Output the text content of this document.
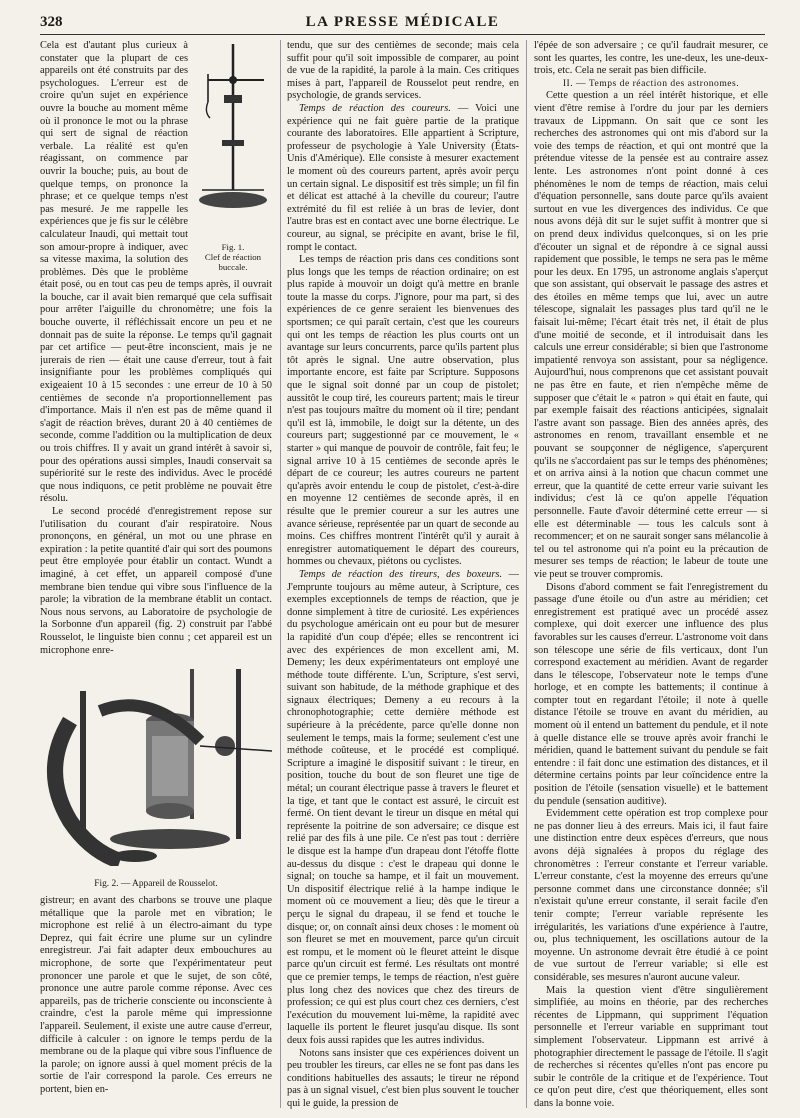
328	LA PRESSE MÉDICALE
Fig. 1.
Clef de réaction
buccale.

Cela est d'autant plus curieux à constater que la plupart de ces appareils ont été construits par des psychologues. L'erreur est de croire qu'un sujet en expérience ouvre la bouche au moment même où il prononce le mot ou la phrase qui sert de signal de réaction verbale. La réalité est qu'en réagissant, on commence par ouvrir la bouche; puis, au bout de quelque temps, on prononce la phrase; et ce quelque temps n'est pas mesuré. Je me rappelle les expériences que je fis sur le célèbre calculateur Inaudi, qui mettait tout son amour-propre à indiquer, avec sa vitesse maxima, la solution des problèmes. Dès que le problème était posé, ou en tout cas peu de temps après, il ouvrait la bouche, car il avait bien remarqué que cela suffisait pour arrêter l'aiguille du chronomètre; une fois la bouche ouverte, il réfléchissait encore un peu et ne donnait pas de suite la réponse. Le temps qu'il gagnait par cet artifice — peut-être inconscient, mais je ne jurerais de rien — était une cause d'erreur, tout à fait insignifiante pour les problèmes compliqués qui exigeaient 10 à 15 secondes : une erreur de 10 à 50 centièmes de seconde n'a proportionnellement pas d'importance. Mais il n'en est pas de même quand il s'agit de réaction brèves, durant 20 à 40 centièmes de seconde, comme l'addition ou la multiplication de deux ou trois chiffres. Il y avait un grand intérêt à savoir si, pour des opérations aussi simples, Inaudi conservait sa supériorité sur le reste des individus. Avec le procédé que nous indiquons, ce petit problème ne pouvait être résolu.

Le second procédé d'enregistrement repose sur l'utilisation du courant d'air respiratoire. Nous prononçons, en général, un mot ou une phrase en expiration : la petite quantité d'air qui sort des poumons peut être employée pour établir un contact. Wundt a imaginé, à cet effet, un appareil composé d'une membrane bien tendue qui vibre sous l'influence de la parole; la vibration de la membrane établit un contact. Nous nous servons, au Laboratoire de psychologie de la Sorbonne d'un appareil (fig. 2) construit par l'abbé Rousselot, le linguiste bien connu ; cet appareil est un microphone enre-

Fig. 2. — Appareil de Rousselot.

gistreur; en avant des charbons se trouve une plaque métallique que la parole met en vibration; le microphone est relié à un électro-aimant du type Deprez, qui fait écrire une plume sur un cylindre enregistreur. J'ai fait adapter deux embouchures au microphone, de sorte que l'expérimentateur peut prononcer une parole et que le sujet, de son côté, prononce une autre parole comme réponse. Avec ces appareils, pas de tricherie consciente ou inconsciente à craindre, c'est la parole même qui impressionne l'appareil. Seulement, il existe une autre cause d'erreur, difficile à calculer : on ignore le temps perdu de la membrane ou de la plaque qui vibre sous l'influence de la parole; on ignore aussi à quel moment précis de la sortie de l'air correspond la parole. Ces erreurs ne portent, bien en-

tendu, que sur des centièmes de seconde; mais cela suffit pour qu'il soit impossible de comparer, au point de vue de la rapidité, la parole à la main. Ces critiques mises à part, l'appareil de Rousselot peut rendre, en psychologie, de grands services.

Temps de réaction des coureurs. — Voici une expérience qui ne fait guère partie de la pratique courante des laboratoires. Elle appartient à Scripture, professeur de psychologie à Yale University (États-Unis d'Amérique). Elle consiste à mesurer exactement le moment où des coureurs partent, après avoir perçu un certain signal. Le dispositif est très simple; un fil fin et délicat est attaché à la cheville du coureur; l'autre extrémité du fil est reliée à un bras de levier, dont l'autre bras est en contact avec une borne électrique. Le coureur, au signal, se précipite en avant, brise le fil, rompt le contact.

Les temps de réaction pris dans ces conditions sont plus longs que les temps de réaction ordinaire; on est plus rapide à mouvoir un doigt qu'à mettre en branle toute la masse du corps. J'ignore, pour ma part, si des expériences de ce genre seraient les bienvenues des sportsmen; ce qui paraît certain, c'est que les coureurs qui ont les temps de réaction les plus courts ont un avantage sur leurs concurrents, parce qu'ils partent plus tôt après le signal. Une autre observation, plus importante encore, est faite par Scripture. Supposons que le signal soit donné par un coup de pistolet; aussitôt le coup tiré, les coureurs partent; mais le tireur n'est pas toujours maître du moment où il tire; pendant qu'il est là, immobile, le doigt sur la détente, un des coureurs part; suggestionné par ce mouvement, le « starter » qui manque de pouvoir de contrôle, fait feu; le signal arrive 10 à 15 centièmes de seconde après le départ de ce coureur; les autres coureurs ne partent qu'après avoir entendu le coup de pistolet, c'est-à-dire en moyenne 12 centièmes de seconde après, il en résulte que le premier coureur a sur les autres une avance sérieuse, représentée par un quart de seconde au moins. Ces chiffres montrent l'intérêt qu'il y aurait à enregistrer automatiquement le départ des coureurs, hommes ou chevaux, piétons ou cyclistes.

Temps de réaction des tireurs, des boxeurs. — J'emprunte toujours au même auteur, à Scripture, ces exemples exceptionnels de temps de réaction, que je donne simplement à titre de curiosité. Les expériences du psychologue américain ont eu pour but de mesurer la rapidité d'un coup d'épée; elles se rencontrent ici avec des expériences de mon excellent ami, M. Demeny; les deux expérimentateurs ont employé une méthode toute différente. L'un, Scripture, s'est servi, suivant son habitude, de la méthode graphique et des signaux électriques; Demeny a eu recours à la chronophotographie; cette dernière méthode est supérieure à la précédente, parce qu'elle donne non seulement le temps, mais la forme; seulement c'est une méthode coûteuse, et le procédé est compliqué. Scripture a imaginé le dispositif suivant : le tireur, en position, touche du bout de son fleuret une tige de métal; un courant électrique passe à travers le fleuret et la tige, et tant que le contact est assuré, le circuit est fermé. On tient devant le tireur un disque en métal qui représente la poitrine de son adversaire; ce disque est relié par des fils à une pile. Ce n'est pas tout : derrière le disque est la hampe d'un drapeau dont l'étoffe flotte au-dessus du disque : c'est le drapeau qui donne le signal; on touche sa hampe, et il fait un mouvement. Un dispositif électrique relié à la hampe indique le moment où ce mouvement a lieu; dès que le tireur a perçu le signal du drapeau, il se fend et touche le disque; or, on connaît ainsi deux choses : le moment où son fleuret se met en mouvement, parce qu'un circuit est rompu, et le moment où le fleuret atteint le disque parce qu'un circuit est fermé. Les résultats ont montré que ce premier temps, le temps de réaction, n'est guère plus long chez des novices que chez des tireurs de profession; ce qui est plus court chez ces derniers, c'est l'exécution du mouvement lui-même, la rapidité avec laquelle ils portent le fleuret jusqu'au disque. Ils sont deux fois aussi rapides que les autres individus.

Notons sans insister que ces expériences doivent un peu troubler les tireurs, car elles ne se font pas dans les conditions habituelles des assauts; le tireur ne répond pas à un signal visuel, c'est bien plus souvent le toucher qui le guide, la pression de

l'épée de son adversaire ; ce qu'il faudrait mesurer, ce sont les quartes, les contre, les une-deux, les une-deux-trois, etc. Cela ne serait pas bien difficile.

II. — Temps de réaction des astronomes.

Cette question a un réel intérêt historique, et elle vient d'être remise à l'ordre du jour par les derniers travaux de Lippmann. On sait que ce sont les recherches des astronomes qui ont mis d'abord sur la voie des temps de réaction, et qui ont montré que la prétendue vitesse de la pensée est au contraire assez lente. Les astronomes n'ont point donné à ces phénomènes le nom de temps de réaction, mais celui d'équation personnelle, sans doute parce qu'ils avaient surtout en vue les divergences des individus. Ce que nous avons déjà dit sur le sujet suffit à montrer que si on prend deux individus quelconques, si on les prie d'écouter un signal et de répondre à ce signal aussi rapidement que possible, le temps ne sera pas le même pour les deux. En 1795, un astronome anglais s'aperçut que son assistant, qui observait le passage des astres et des étoiles en même temps que lui, avec un autre télescope, signalait les passages plus tard qu'il ne le faisait lui-même; l'écart était très net, il était de plus d'une moitié de seconde, et il introduisait dans les calculs une erreur considérable; si bien que l'astronome impatienté renvoya son assistant, pour sa négligence. Aujourd'hui, nous comprenons que cet assistant pouvait ne pas être en faute, et rien n'empêche même de supposer que c'était le « patron » qui était en faute, qui par exemple faisait des réactions anticipées, signalait l'astre avant son passage. Bien des années après, des astronomes en renom, travaillant ensemble et ne pouvant se soupçonner de négligence, s'aperçurent qu'ils ne s'accordaient pas sur le temps des phénomènes; et on arriva ainsi à la notion que chacun commet une erreur, que la quantité de cette erreur varie suivant les individus; c'est là ce qu'on appelle l'équation personnelle. Faute d'avoir déterminé cette erreur — si elle est déterminable — tous les calculs sont à recommencer; et on ne saurait songer sans mélancolie à tel ou tel astronome qui n'a point eu la précaution de mesurer ses temps de réaction; le labeur de toute une vie peut se trouver compromis.

Disons d'abord comment se fait l'enregistrement du passage d'une étoile ou d'un astre au méridien; cet enregistrement est pratiqué avec un procédé assez complexe, qui doit exercer une influence des plus favorables sur les causes d'erreur. L'astronome voit dans son télescope une série de fils verticaux, dont l'un correspond exactement au méridien. Avant de regarder dans le télescope, l'observateur note le temps d'une horloge, et en compte les battements; il continue à compter tout en regardant l'étoile; il note à quelle distance l'étoile se trouve en avant du méridien, au moment où il entend un battement du pendule, et il note à quelle distance elle se trouve après avoir franchi le méridien, quand le battement suivant du pendule se fait entendre : il fait donc une estimation des distances, et il détermine certains points par leur coïncidence entre la position de l'étoile (sensation visuelle) et le battement du pendule (sensation auditive).

Evidemment cette opération est trop complexe pour ne pas donner lieu à des erreurs. Mais ici, il faut faire une distinction entre deux espèces d'erreurs, que nous avons déjà signalées à propos du réglage des chronomètres : l'erreur constante et l'erreur variable. L'erreur constante, c'est la moyenne des erreurs qu'une personne commet dans une circonstance donnée; s'il n'existait qu'une erreur constante, il serait facile d'en tenir compte; l'erreur variable représente les irrégularités, les variations d'une expérience à l'autre, ou, plus techniquement, les oscillations autour de la moyenne. Un astronome devrait être étudié à ce point de vue surtout de l'erreur variable; si elle est considérable, ses mesures n'auront aucune valeur.

Mais la question vient d'être singulièrement simplifiée, au moins en théorie, par des recherches récentes de Lippmann, qui suppriment l'équation personnelle et l'erreur variable en supprimant tout simplement l'observateur. Lippmann est arrivé à photographier directement le passage de l'étoile. Il s'agit de recherches si récentes qu'elles n'ont pas encore pu subir le contrôle de la critique et de l'expérience. Tout ce qu'on peut dire, c'est que théoriquement, elles sont dans la bonne voie.
